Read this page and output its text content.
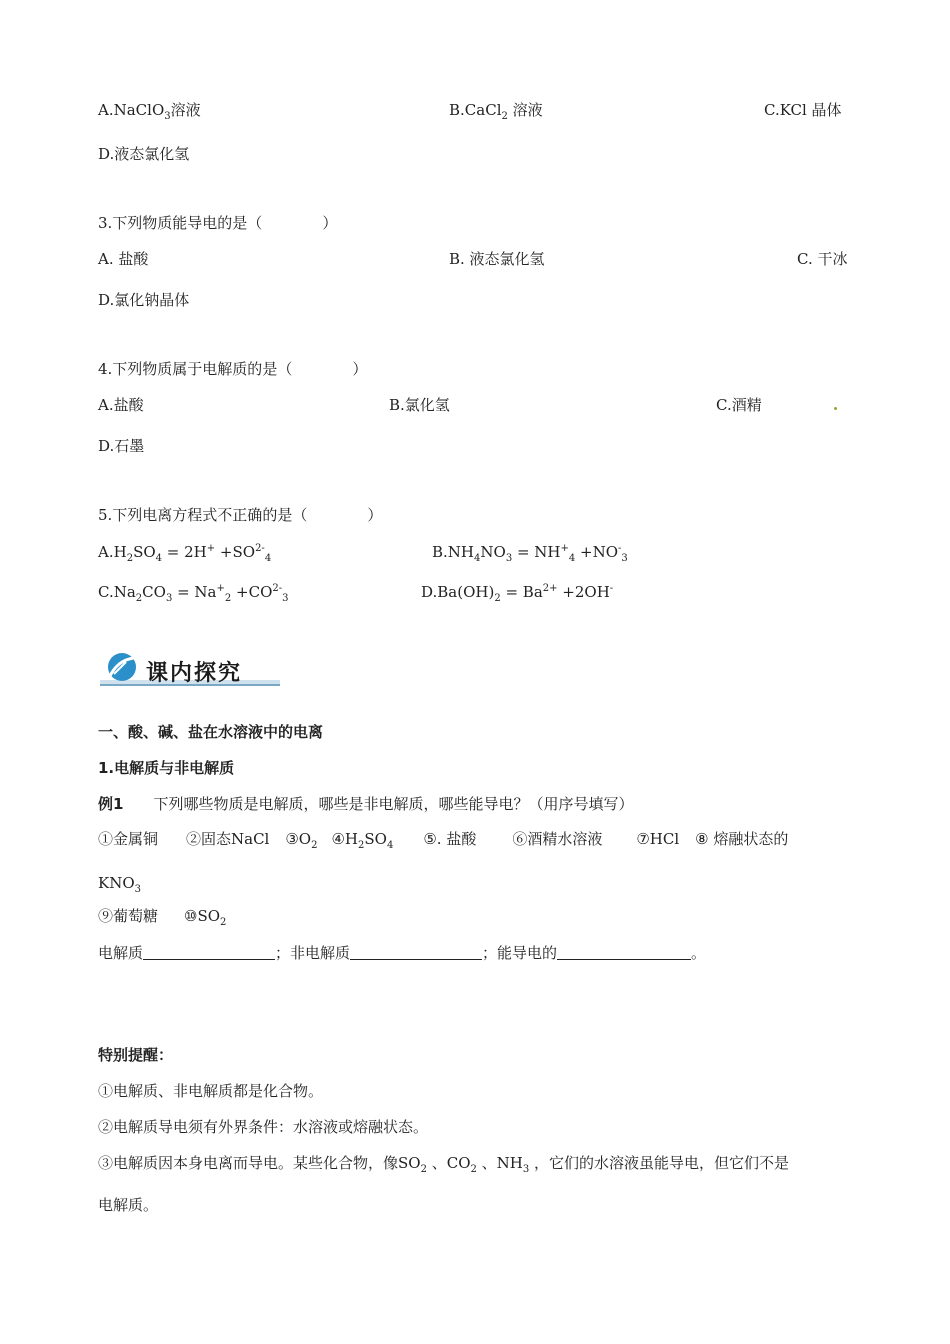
A.NaClO$_3$溶液	B.CaCl$_2$ 溶液	C.KCl 晶体
D.液态氯化氢
3.下列物质能导电的是（　　　　）
A. 盐酸	B. 液态氯化氢	C. 干冰
D.氯化钠晶体
4.下列物质属于电解质的是（　　　　）
A.盐酸	B.氯化氢	C.酒精
D.石墨
5.下列电离方程式不正确的是（　　　　）
$A.H_2SO_4 = 2H^+ +SO^{2-}_4$	$B.NH_4NO_3 = NH^+_4 +NO^-_3$
$C.Na_2CO_3 = Na^+_2 +CO^{2-}_3$	$D.Ba(OH)_2 = Ba^{2+} +2OH^-$
课内探究
一、酸、碱、盐在水溶液中的电离
1.电解质与非电解质
例1 下列哪些物质是电解质，哪些是非电解质，哪些能导电？（用序号填写）
①金属铜 ②固态NaCl $③O_2$ $④H_2SO_4$ ⑤. 盐酸 ⑥酒精水溶液 ⑦HCl ⑧ 熔融状态的
$KNO_3$
⑨葡萄糖 $⑩SO_2$
电解质	；非电解质	；能导电的	。
特别提醒：
①电解质、非电解质都是化合物。
②电解质导电须有外界条件：水溶液或熔融状态。
③电解质因本身电离而导电。某些化合物，像$SO_2$ 、$CO_2$ 、$NH_3$ ，它们的水溶液虽能导电，但它们不是
电解质。
